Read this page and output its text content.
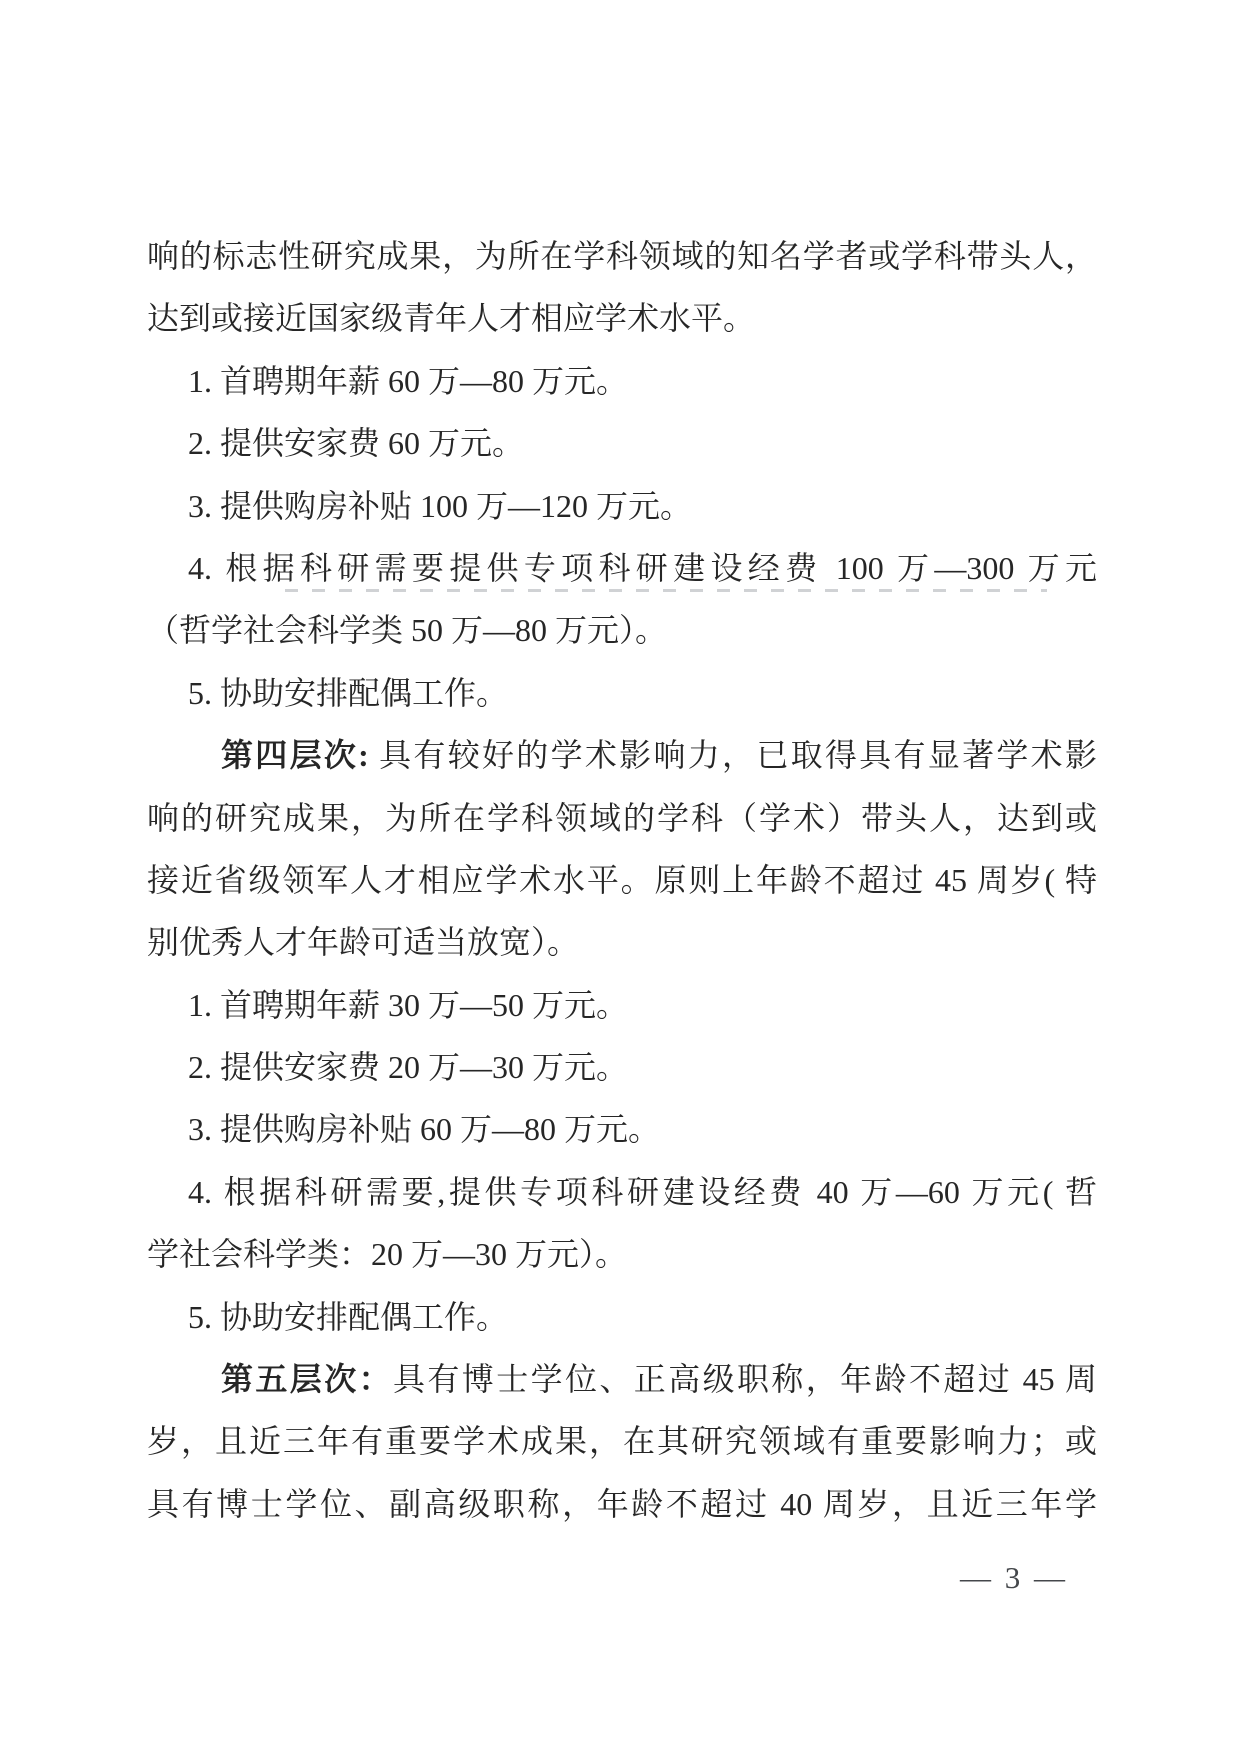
响的标志性研究成果，为所在学科领域的知名学者或学科带头人，
达到或接近国家级青年人才相应学术水平。
1. 首聘期年薪 60 万—80 万元。
2. 提供安家费 60 万元。
3. 提供购房补贴 100 万—120 万元。
4. 根据科研需要提供专项科研建设经费 100 万—300 万元
（哲学社会科学类 50 万—80 万元）。
5. 协助安排配偶工作。
第四层次: 具有较好的学术影响力，已取得具有显著学术影
响的研究成果，为所在学科领域的学科（学术）带头人，达到或
接近省级领军人才相应学术水平。原则上年龄不超过 45 周岁( 特
别优秀人才年龄可适当放宽）。
1. 首聘期年薪 30 万—50 万元。
2. 提供安家费 20 万—30 万元。
3. 提供购房补贴 60 万—80 万元。
4. 根据科研需要,提供专项科研建设经费 40 万—60 万元( 哲
学社会科学类：20 万—30 万元）。
5. 协助安排配偶工作。
第五层次：具有博士学位、正高级职称，年龄不超过 45 周
岁，且近三年有重要学术成果，在其研究领域有重要影响力；或
具有博士学位、副高级职称，年龄不超过 40 周岁，且近三年学
— 3 —
